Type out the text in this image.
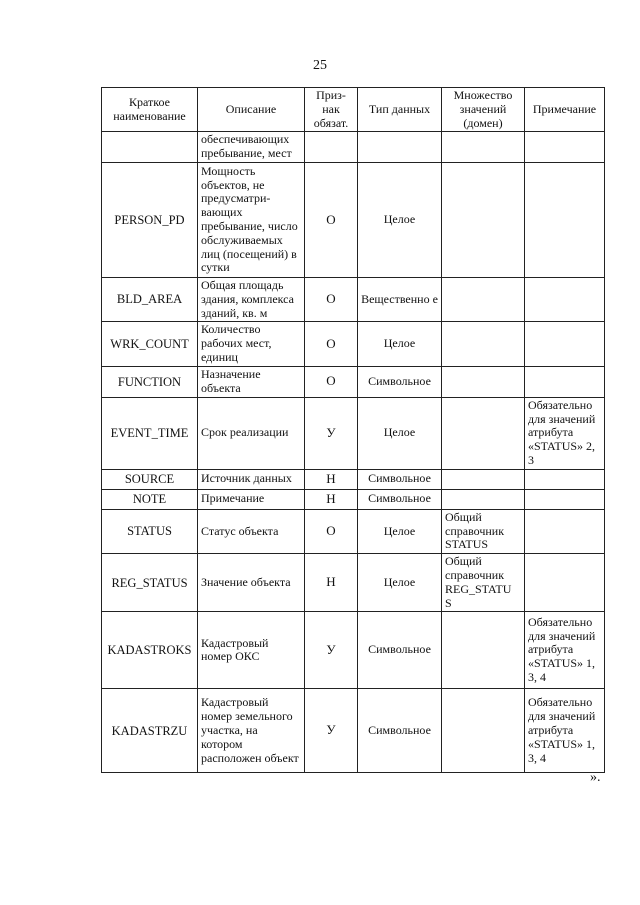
25
Краткое наименование	Описание	Приз-нак обязат.	Тип данных	Множество значений (домен)	Примечание
	обеспечивающих пребывание, мест				
PERSON_PD	Мощность объектов, не предусматри-вающих пребывание, число обслуживаемых лиц (посещений) в сутки	О	Целое		
BLD_AREA	Общая площадь здания, комплекса зданий, кв. м	О	Вещественно е		
WRK_COUNT	Количество рабочих мест, единиц	О	Целое		
FUNCTION	Назначение объекта	О	Символьное		
EVENT_TIME	Срок реализации	У	Целое		Обязательно для значений атрибута «STATUS» 2, 3
SOURCE	Источник данных	Н	Символьное		
NOTE	Примечание	Н	Символьное		
STATUS	Статус объекта	О	Целое	Общий справочник STATUS	
REG_STATUS	Значение объекта	Н	Целое	Общий справочник REG_STATU S	
KADASTROKS	Кадастровый номер ОКС	У	Символьное		Обязательно для значений атрибута «STATUS» 1, 3, 4
KADASTRZU	Кадастровый номер земельного участка, на котором расположен объект	У	Символьное		Обязательно для значений атрибута «STATUS» 1, 3, 4
».
